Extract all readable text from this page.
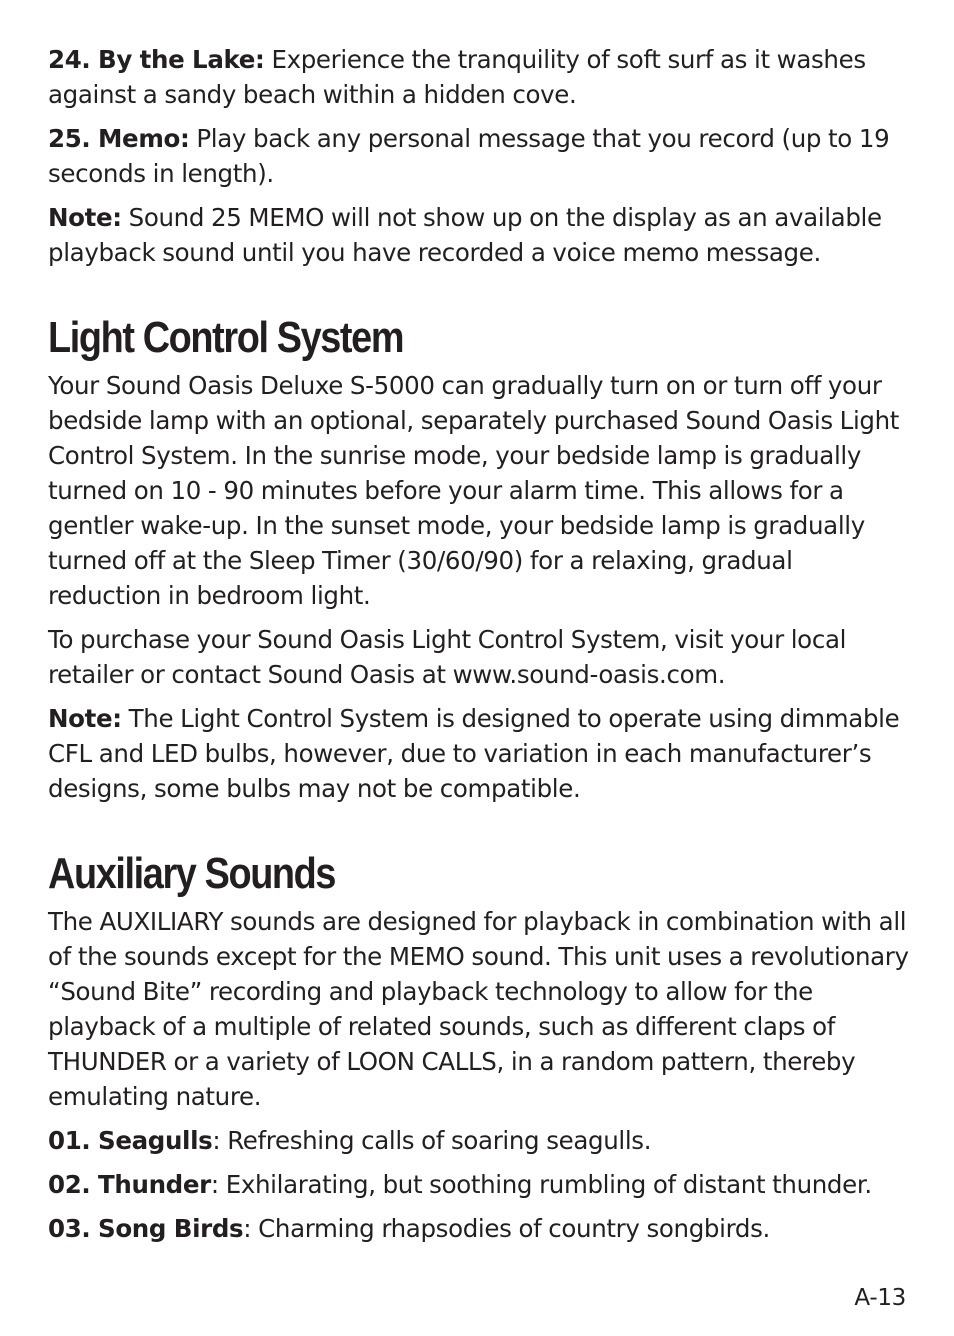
24. By the Lake: Experience the tranquility of soft surf as it washes against a sandy beach within a hidden cove.

25. Memo: Play back any personal message that you record (up to 19 seconds in length).

Note: Sound 25 MEMO will not show up on the display as an available playback sound until you have recorded a voice memo message.

Light Control System

Your Sound Oasis Deluxe S-5000 can gradually turn on or turn off your bedside lamp with an optional, separately purchased Sound Oasis Light Control System. In the sunrise mode, your bedside lamp is gradually turned on 10 - 90 minutes before your alarm time. This allows for a gentler wake-up. In the sunset mode, your bedside lamp is gradually turned off at the Sleep Timer (30/60/90) for a relaxing, gradual reduction in bedroom light.

To purchase your Sound Oasis Light Control System, visit your local retailer or contact Sound Oasis at www.sound-oasis.com.

Note: The Light Control System is designed to operate using dimmable CFL and LED bulbs, however, due to variation in each manufacturer’s designs, some bulbs may not be compatible.

Auxiliary Sounds

The AUXILIARY sounds are designed for playback in combination with all of the sounds except for the MEMO sound. This unit uses a revolutionary “Sound Bite” recording and playback technology to allow for the playback of a multiple of related sounds, such as different claps of THUNDER or a variety of LOON CALLS, in a random pattern, thereby emulating nature.

01. Seagulls: Refreshing calls of soaring seagulls.

02. Thunder: Exhilarating, but soothing rumbling of distant thunder.

03. Song Birds: Charming rhapsodies of country songbirds.

A-13
